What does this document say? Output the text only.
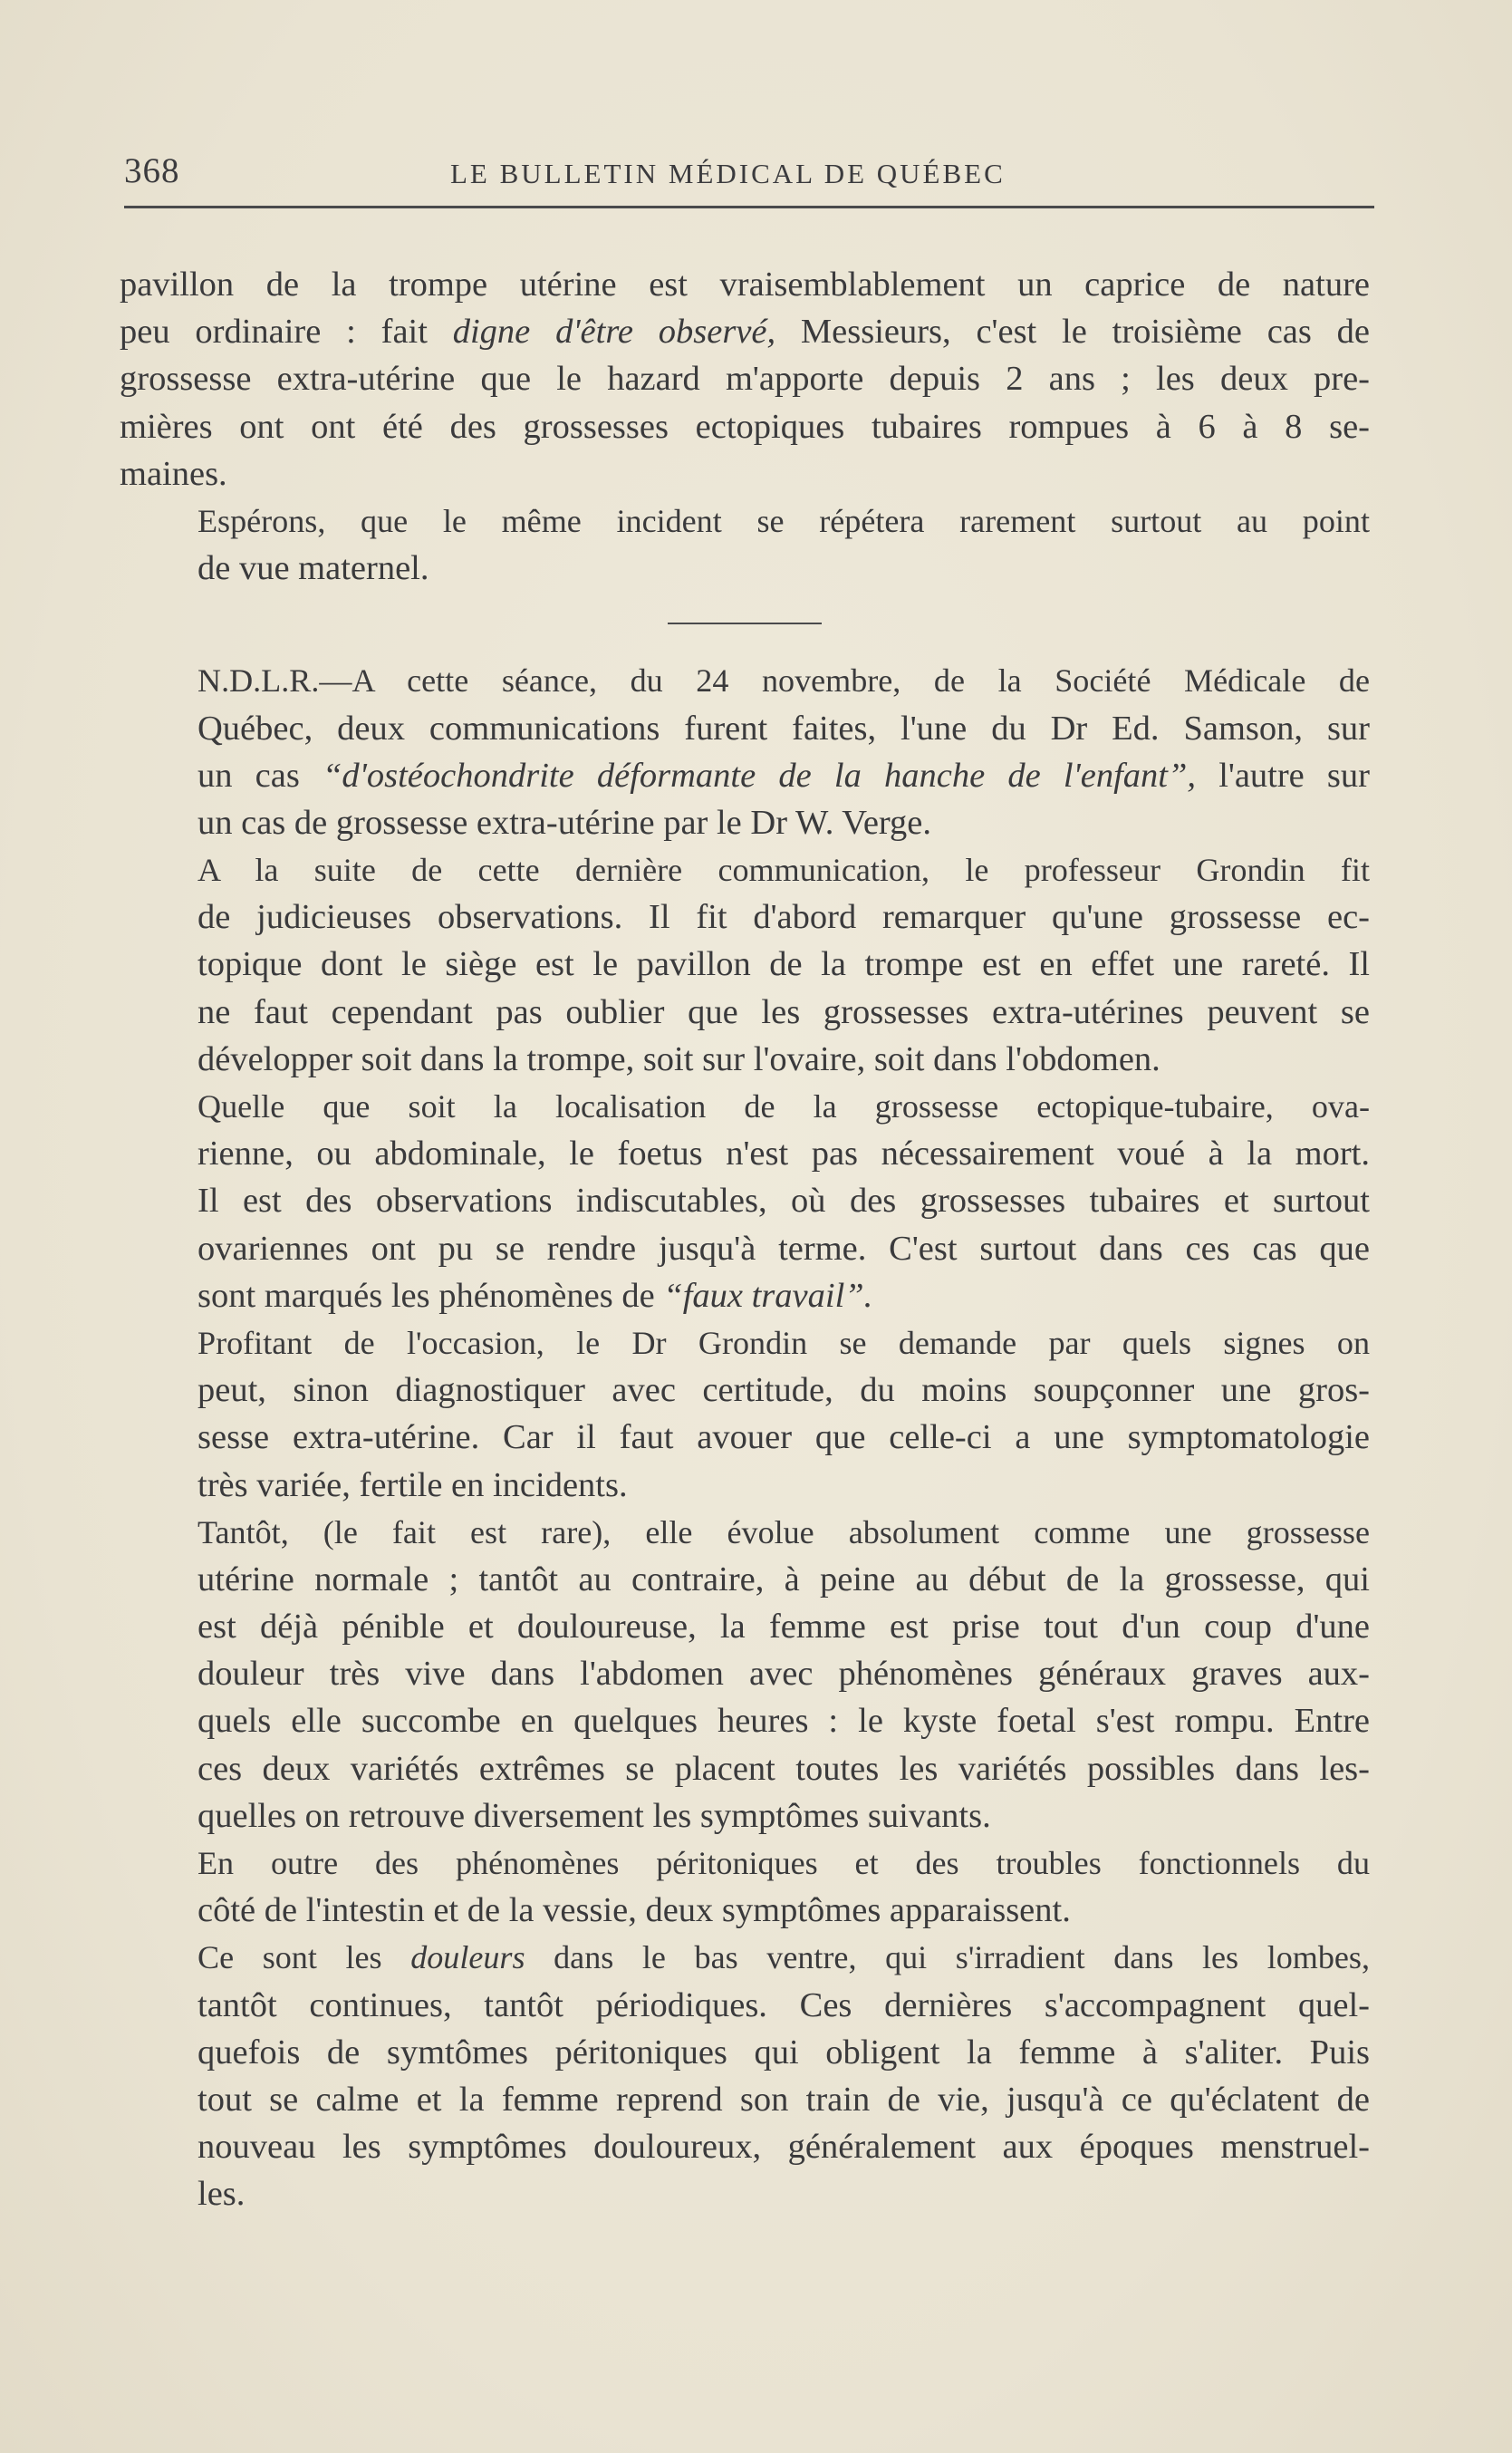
368	LE BULLETIN MÉDICAL DE QUÉBEC

pavillon de la trompe utérine est vraisemblablement un caprice de nature
peu ordinaire : fait digne d'être observé, Messieurs, c'est le troisième cas de
grossesse extra-utérine que le hazard m'apporte depuis 2 ans ; les deux pre-
mières ont ont été des grossesses ectopiques tubaires rompues à 6 à 8 se-
maines.

Espérons, que le même incident se répétera rarement surtout au point
de vue maternel.

N.D.L.R.—A cette séance, du 24 novembre, de la Société Médicale de
Québec, deux communications furent faites, l'une du Dr Ed. Samson, sur
un cas “d'ostéochondrite déformante de la hanche de l'enfant”, l'autre sur
un cas de grossesse extra-utérine par le Dr W. Verge.

A la suite de cette dernière communication, le professeur Grondin fit
de judicieuses observations. Il fit d'abord remarquer qu'une grossesse ec-
topique dont le siège est le pavillon de la trompe est en effet une rareté. Il
ne faut cependant pas oublier que les grossesses extra-utérines peuvent se
développer soit dans la trompe, soit sur l'ovaire, soit dans l'obdomen.

Quelle que soit la localisation de la grossesse ectopique-tubaire, ova-
rienne, ou abdominale, le foetus n'est pas nécessairement voué à la mort.
Il est des observations indiscutables, où des grossesses tubaires et surtout
ovariennes ont pu se rendre jusqu'à terme. C'est surtout dans ces cas que
sont marqués les phénomènes de “faux travail”.

Profitant de l'occasion, le Dr Grondin se demande par quels signes on
peut, sinon diagnostiquer avec certitude, du moins soupçonner une gros-
sesse extra-utérine. Car il faut avouer que celle-ci a une symptomatologie
très variée, fertile en incidents.

Tantôt, (le fait est rare), elle évolue absolument comme une grossesse
utérine normale ; tantôt au contraire, à peine au début de la grossesse, qui
est déjà pénible et douloureuse, la femme est prise tout d'un coup d'une
douleur très vive dans l'abdomen avec phénomènes généraux graves aux-
quels elle succombe en quelques heures : le kyste foetal s'est rompu. Entre
ces deux variétés extrêmes se placent toutes les variétés possibles dans les-
quelles on retrouve diversement les symptômes suivants.

En outre des phénomènes péritoniques et des troubles fonctionnels du
côté de l'intestin et de la vessie, deux symptômes apparaissent.

Ce sont les douleurs dans le bas ventre, qui s'irradient dans les lombes,
tantôt continues, tantôt périodiques. Ces dernières s'accompagnent quel-
quefois de symtômes péritoniques qui obligent la femme à s'aliter. Puis
tout se calme et la femme reprend son train de vie, jusqu'à ce qu'éclatent de
nouveau les symptômes douloureux, généralement aux époques menstruel-
les.
